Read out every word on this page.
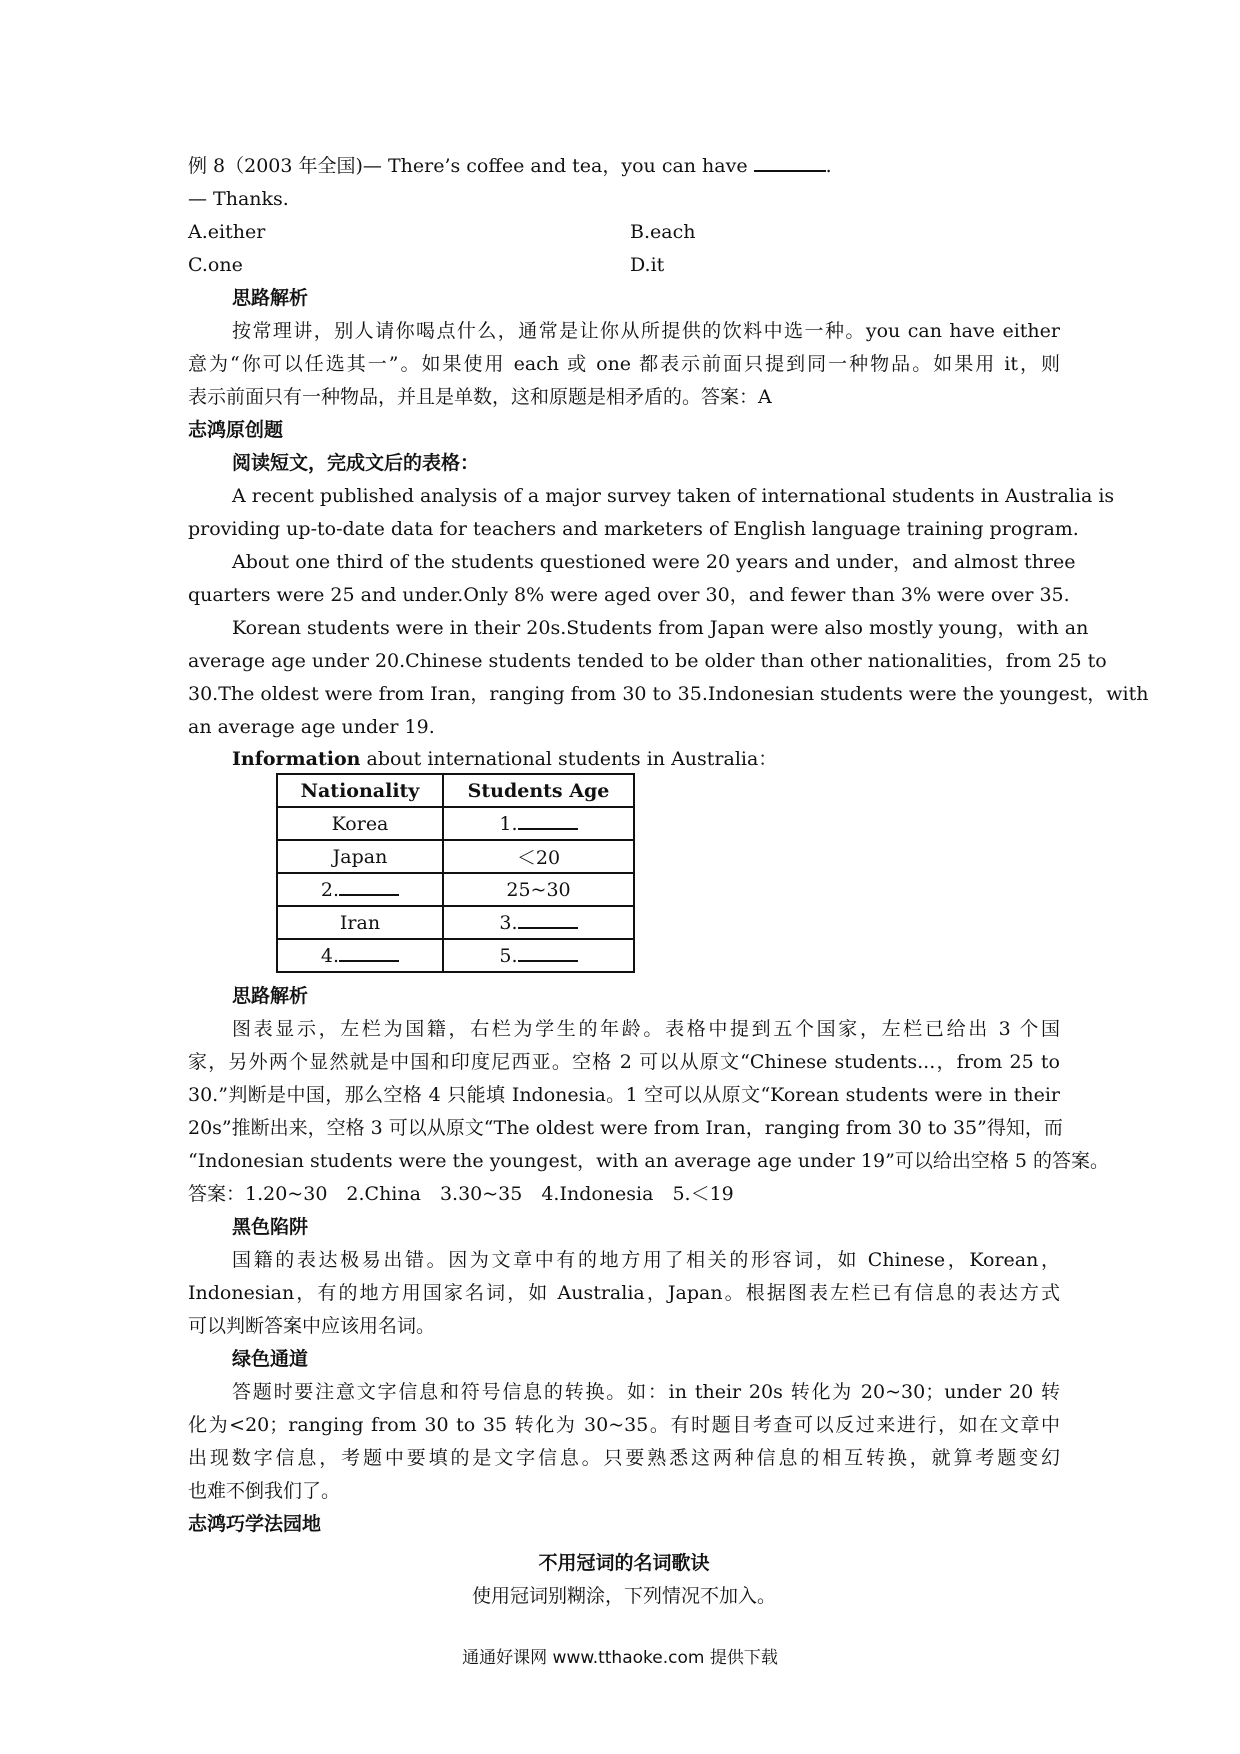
例 8（2003 年全国)— There’s coffee and tea，you can have	.
— Thanks.
A.either	B.each
C.one	D.it
思路解析
按常理讲，别人请你喝点什么，通常是让你从所提供的饮料中选一种。you can have either
意为“你可以任选其一”。如果使用 each 或 one 都表示前面只提到同一种物品。如果用 it，则
表示前面只有一种物品，并且是单数，这和原题是相矛盾的。答案：A
志鸿原创题
阅读短文，完成文后的表格：
A recent published analysis of a major survey taken of international students in Australia is
providing up-to-date data for teachers and marketers of English language training program.
About one third of the students questioned were 20 years and under，and almost three
quarters were 25 and under.Only 8% were aged over 30，and fewer than 3% were over 35.
Korean students were in their 20s.Students from Japan were also mostly young，with an
average age under 20.Chinese students tended to be older than other nationalities，from 25 to
30.The oldest were from Iran，ranging from 30 to 35.Indonesian students were the youngest，with
an average age under 19.
Information about international students in Australia：
Nationality	Students Age
Korea	1.
Japan	＜20
2.	25~30
Iran	3.
4.	5.
思路解析
图表显示，左栏为国籍，右栏为学生的年龄。表格中提到五个国家，左栏已给出 3 个国
家，另外两个显然就是中国和印度尼西亚。空格 2 可以从原文“Chinese students...，from 25 to
30.”判断是中国，那么空格 4 只能填 Indonesia。1 空可以从原文“Korean students were in their
20s”推断出来，空格 3 可以从原文“The oldest were from Iran，ranging from 30 to 35”得知，而
“Indonesian students were the youngest，with an average age under 19”可以给出空格 5 的答案。
答案：1.20~30　2.China　3.30~35　4.Indonesia　5.＜19
黑色陷阱
国籍的表达极易出错。因为文章中有的地方用了相关的形容词，如 Chinese，Korean，
Indonesian，有的地方用国家名词，如 Australia，Japan。根据图表左栏已有信息的表达方式
可以判断答案中应该用名词。
绿色通道
答题时要注意文字信息和符号信息的转换。如：in their 20s 转化为 20~30；under 20 转
化为<20；ranging from 30 to 35 转化为 30~35。有时题目考查可以反过来进行，如在文章中
出现数字信息，考题中要填的是文字信息。只要熟悉这两种信息的相互转换，就算考题变幻
也难不倒我们了。
志鸿巧学法园地
不用冠词的名词歌诀
使用冠词别糊涂，下列情况不加入。
通通好课网 www.tthaoke.com 提供下载
